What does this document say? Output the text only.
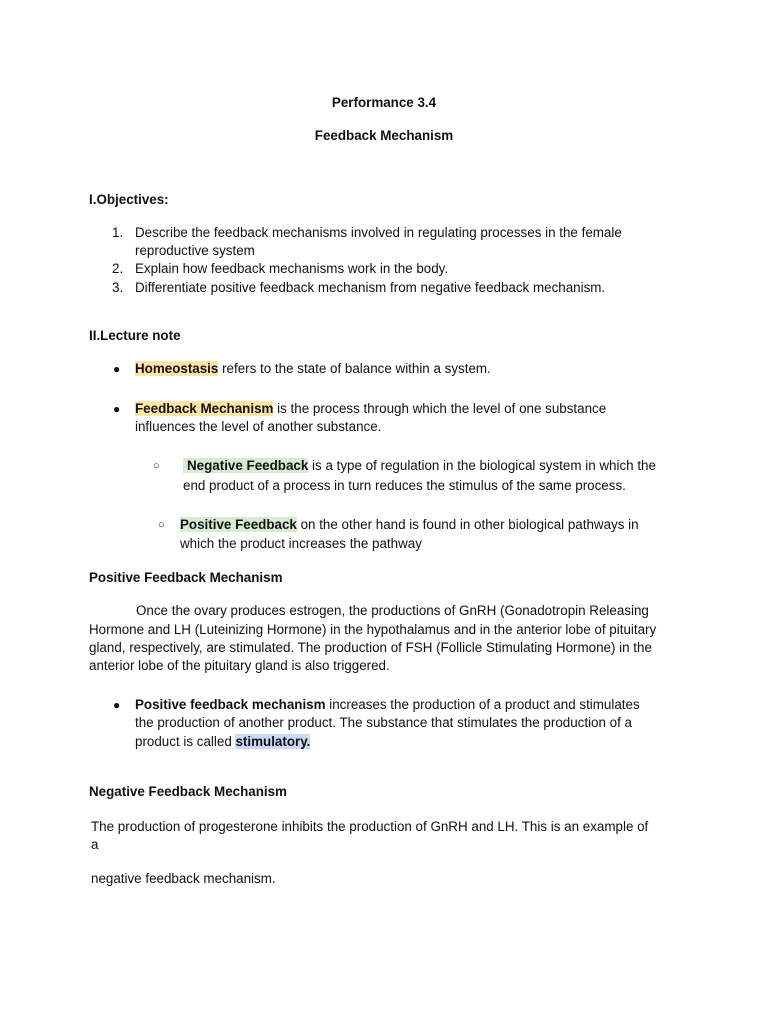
Performance 3.4
Feedback Mechanism
I.Objectives:
1. Describe the feedback mechanisms involved in regulating processes in the female
reproductive system
2. Explain how feedback mechanisms work in the body.
3. Differentiate positive feedback mechanism from negative feedback mechanism.
II.Lecture note
● Homeostasis refers to the state of balance within a system.
● Feedback Mechanism is the process through which the level of one substance
influences the level of another substance.
○ Negative Feedback is a type of regulation in the biological system in which the
end product of a process in turn reduces the stimulus of the same process.
○ Positive Feedback on the other hand is found in other biological pathways in
which the product increases the pathway
Positive Feedback Mechanism
Once the ovary produces estrogen, the productions of GnRH (Gonadotropin Releasing
Hormone and LH (Luteinizing Hormone) in the hypothalamus and in the anterior lobe of pituitary
gland, respectively, are stimulated. The production of FSH (Follicle Stimulating Hormone) in the
anterior lobe of the pituitary gland is also triggered.
● Positive feedback mechanism increases the production of a product and stimulates
the production of another product. The substance that stimulates the production of a
product is called stimulatory.
Negative Feedback Mechanism
The production of progesterone inhibits the production of GnRH and LH. This is an example of
a
negative feedback mechanism.
